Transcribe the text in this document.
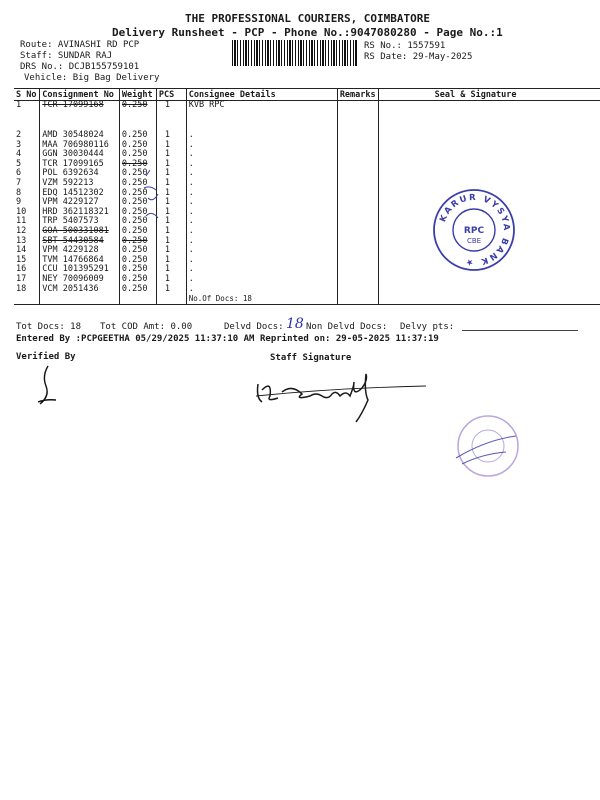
THE PROFESSIONAL COURIERS, COIMBATORE
Delivery Runsheet - PCP - Phone No.:9047080280 - Page No.:1
Route: AVINASHI RD PCP
Staff: SUNDAR RAJ
DRS No.: DCJB155759101
Vehicle: Big Bag Delivery
RS No.: 1557591
RS Date: 29-May-2025
S No	Consignment No	Weight	PCS	Consignee Details	Remarks	Seal & Signature
1	TCR 17099168	0.250	1	KVB RPC		
2	AMD 30548024	0.250	1	.		
3	MAA 706980116	0.250	1	.		
4	GGN 30030444	0.250	1	.		
5	TCR 17099165	0.250	1	.		
6	POL 6392634	0.250	1	.		
7	VZM 592213	0.250	1	.		
8	EDQ 14512302	0.250	1	.		
9	VPM 4229127	0.250	1	.		
10	HRD 362118321	0.250	1	.		
11	TRP 5407573	0.250	1	.		
12	GOA 500331081	0.250	1	.		
13	SBT 54430584	0.250	1	.		
14	VPM 4229128	0.250	1	.		
15	TVM 14766864	0.250	1	.		
16	CCU 101395291	0.250	1	.		
17	NEY 70096009	0.250	1	.		
18	VCM 2051436	0.250	1	.		
				No.Of Docs: 18		
KARUR VYSYA BANK ★
RPC
CBE
Tot Docs: 18 Tot COD Amt: 0.00	Delvd Docs: 18 Non Delvd Docs: Delvy pts:
Entered By :PCPGEETHA 05/29/2025 11:37:10 AM Reprinted on: 29-05-2025 11:37:19
Verified By	Staff Signature
